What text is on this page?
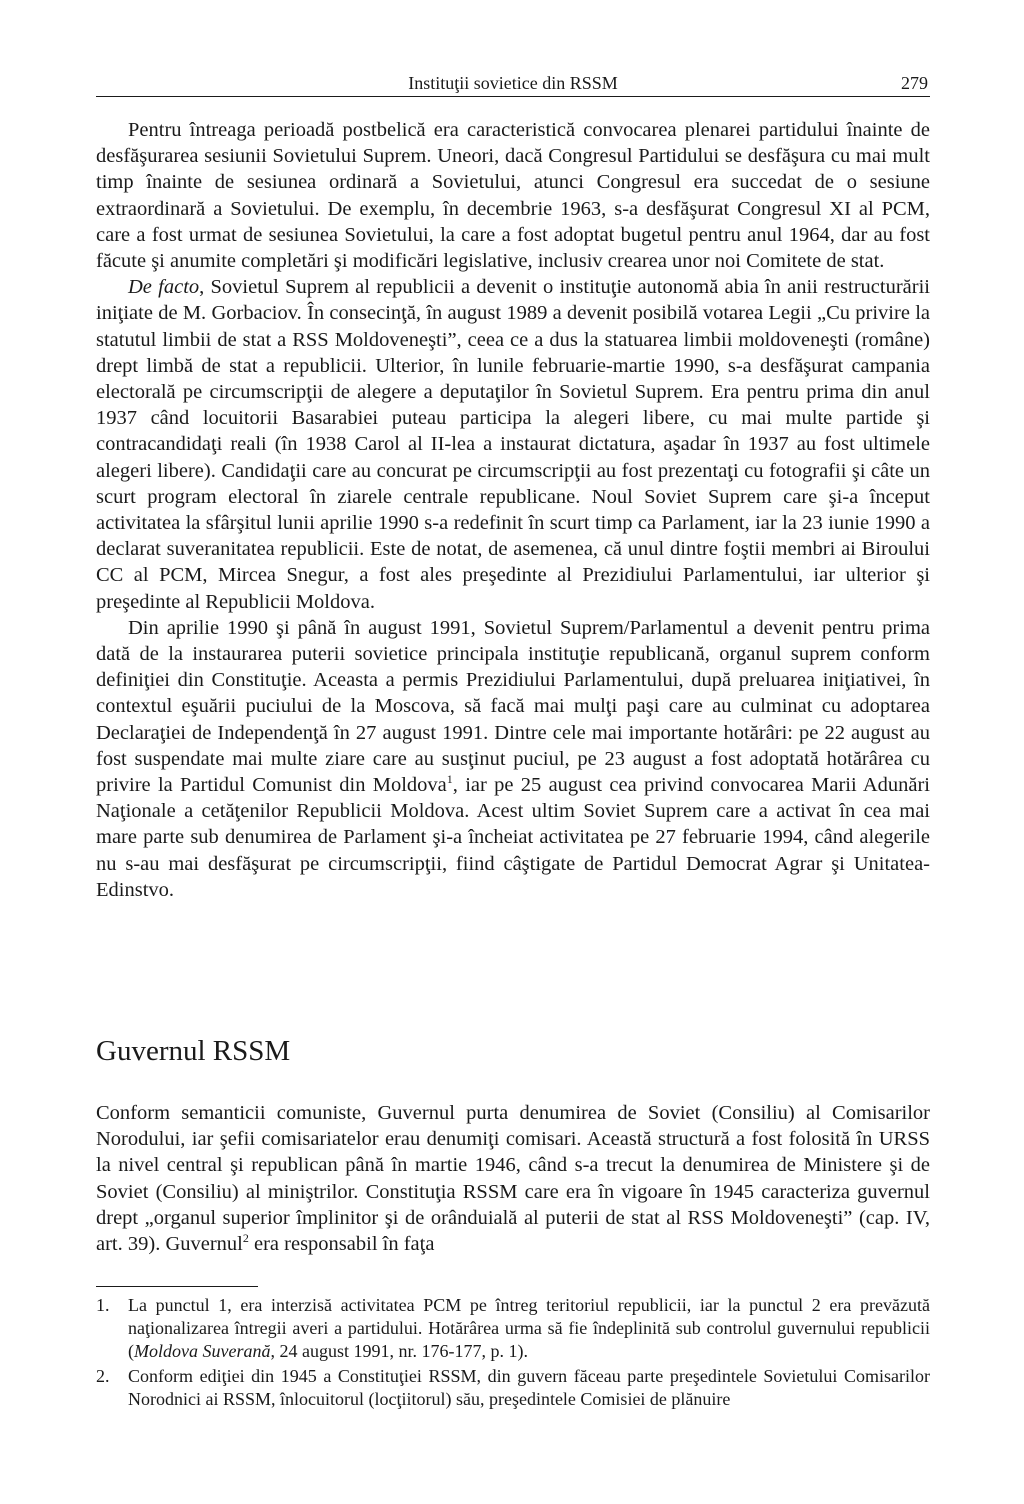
Instituţii sovietice din RSSM	279

Pentru întreaga perioadă postbelică era caracteristică convocarea plenarei partidului înainte de desfăşurarea sesiunii Sovietului Suprem. Uneori, dacă Congresul Partidului se desfăşura cu mai mult timp înainte de sesiunea ordinară a Sovietului, atunci Congresul era succedat de o sesiune extraordinară a Sovietului. De exemplu, în decembrie 1963, s-a desfăşurat Congresul XI al PCM, care a fost urmat de sesiunea Sovietului, la care a fost adoptat bugetul pentru anul 1964, dar au fost făcute şi anumite completări şi modificări legislative, inclusiv crearea unor noi Comitete de stat.

De facto, Sovietul Suprem al republicii a devenit o instituţie autonomă abia în anii restructurării iniţiate de M. Gorbaciov. În consecinţă, în august 1989 a devenit posibilă votarea Legii „Cu privire la statutul limbii de stat a RSS Moldoveneşti”, ceea ce a dus la statuarea limbii moldoveneşti (române) drept limbă de stat a republicii. Ulterior, în lunile februarie-martie 1990, s-a desfăşurat campania electorală pe circumscripţii de alegere a deputaţilor în Sovietul Suprem. Era pentru prima din anul 1937 când locuitorii Basarabiei puteau participa la alegeri libere, cu mai multe partide şi contracandidaţi reali (în 1938 Carol al II-lea a instaurat dictatura, aşadar în 1937 au fost ultimele alegeri libere). Candidaţii care au concurat pe circumscripţii au fost prezentaţi cu fotografii şi câte un scurt program electoral în ziarele centrale republicane. Noul Soviet Suprem care şi-a început activitatea la sfârşitul lunii aprilie 1990 s-a redefinit în scurt timp ca Parlament, iar la 23 iunie 1990 a declarat suveranitatea republicii. Este de notat, de asemenea, că unul dintre foştii membri ai Biroului CC al PCM, Mircea Snegur, a fost ales preşedinte al Prezidiului Parlamentului, iar ulterior şi preşedinte al Republicii Moldova.

Din aprilie 1990 şi până în august 1991, Sovietul Suprem/Parlamentul a devenit pentru prima dată de la instaurarea puterii sovietice principala instituţie republicană, organul suprem conform definiţiei din Constituţie. Aceasta a permis Prezidiului Parlamentului, după preluarea iniţiativei, în contextul eşuării puciului de la Moscova, să facă mai mulţi paşi care au culminat cu adoptarea Declaraţiei de Independenţă în 27 august 1991. Dintre cele mai importante hotărâri: pe 22 august au fost suspendate mai multe ziare care au susţinut puciul, pe 23 august a fost adoptată hotărârea cu privire la Partidul Comunist din Moldova$^1$, iar pe 25 august cea privind convocarea Marii Adunări Naţionale a cetăţenilor Republicii Moldova. Acest ultim Soviet Suprem care a activat în cea mai mare parte sub denumirea de Parlament şi-a încheiat activitatea pe 27 februarie 1994, când alegerile nu s-au mai desfăşurat pe circumscripţii, fiind câştigate de Partidul Democrat Agrar şi Unitatea-Edinstvo.

Guvernul RSSM

Conform semanticii comuniste, Guvernul purta denumirea de Soviet (Consiliu) al Comisarilor Norodului, iar şefii comisariatelor erau denumiţi comisari. Această structură a fost folosită în URSS la nivel central şi republican până în martie 1946, când s-a trecut la denumirea de Ministere şi de Soviet (Consiliu) al miniştrilor. Constituţia RSSM care era în vigoare în 1945 caracteriza guvernul drept „organul superior împlinitor şi de orânduială al puterii de stat al RSS Moldoveneşti” (cap. IV, art. 39). Guvernul$^2$ era responsabil în faţa

1. La punctul 1, era interzisă activitatea PCM pe întreg teritoriul republicii, iar la punctul 2 era prevăzută naţionalizarea întregii averi a partidului. Hotărârea urma să fie îndeplinită sub controlul guvernului republicii (Moldova Suverană, 24 august 1991, nr. 176-177, p. 1).

2. Conform ediţiei din 1945 a Constituţiei RSSM, din guvern făceau parte preşedintele Sovietului Comisarilor Norodnici ai RSSM, înlocuitorul (locţiitorul) său, preşedintele Comisiei de plănuire
